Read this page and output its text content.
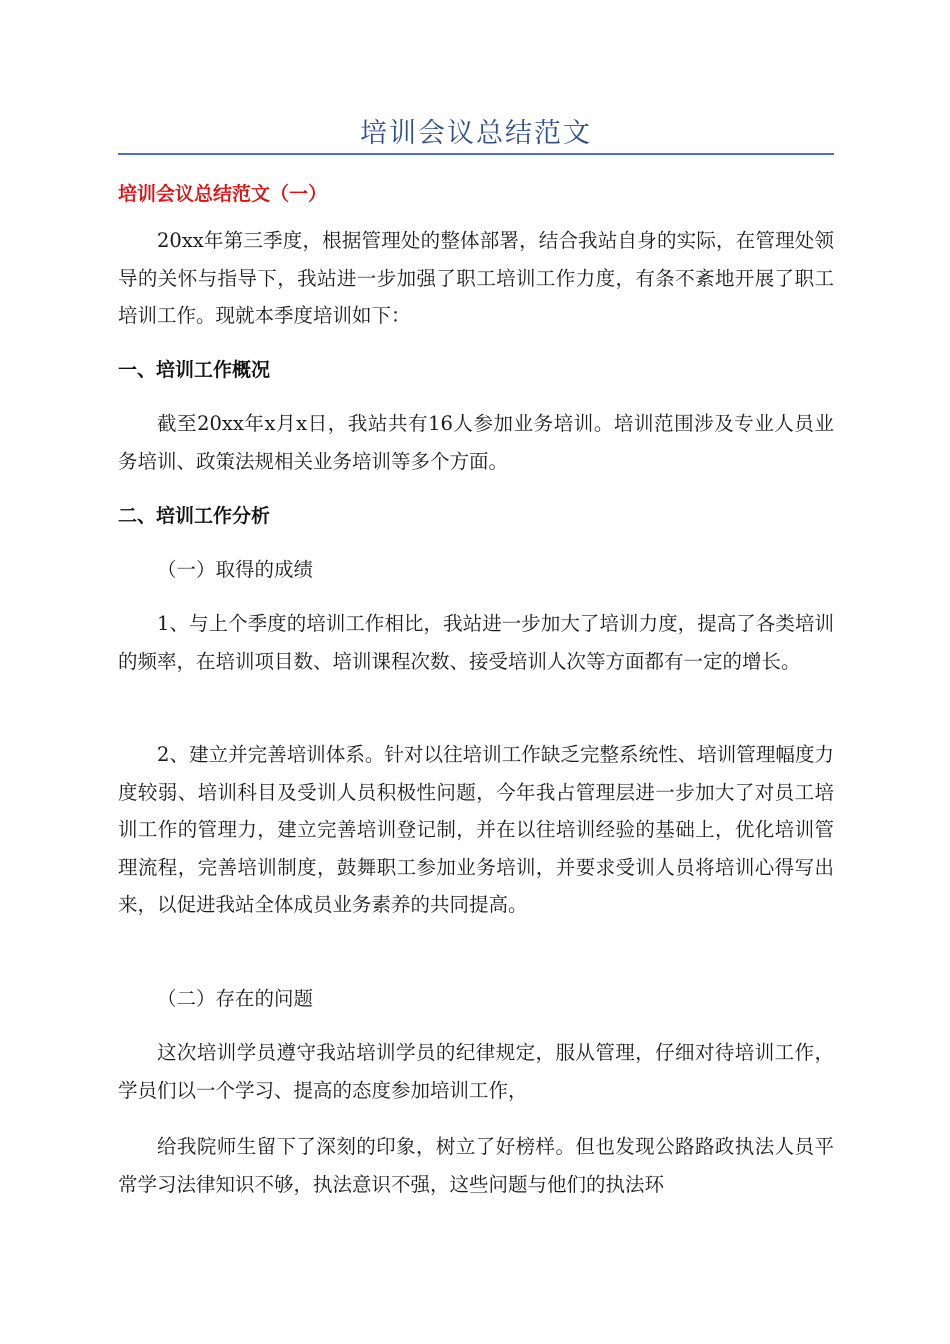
培训会议总结范文
培训会议总结范文（一）
20xx年第三季度，根据管理处的整体部署，结合我站自身的实际，在管理处领导的关怀与指导下，我站进一步加强了职工培训工作力度，有条不紊地开展了职工培训工作。现就本季度培训如下：
一、培训工作概况
截至20xx年x月x日，我站共有16人参加业务培训。培训范围涉及专业人员业务培训、政策法规相关业务培训等多个方面。
二、培训工作分析
（一）取得的成绩
1、与上个季度的培训工作相比，我站进一步加大了培训力度，提高了各类培训的频率，在培训项目数、培训课程次数、接受培训人次等方面都有一定的增长。
2、建立并完善培训体系。针对以往培训工作缺乏完整系统性、培训管理幅度力度较弱、培训科目及受训人员积极性问题，今年我占管理层进一步加大了对员工培训工作的管理力，建立完善培训登记制，并在以往培训经验的基础上，优化培训管理流程，完善培训制度，鼓舞职工参加业务培训，并要求受训人员将培训心得写出来，以促进我站全体成员业务素养的共同提高。
（二）存在的问题
这次培训学员遵守我站培训学员的纪律规定，服从管理，仔细对待培训工作，学员们以一个学习、提高的态度参加培训工作，
给我院师生留下了深刻的印象，树立了好榜样。但也发现公路路政执法人员平常学习法律知识不够，执法意识不强，这些问题与他们的执法环
